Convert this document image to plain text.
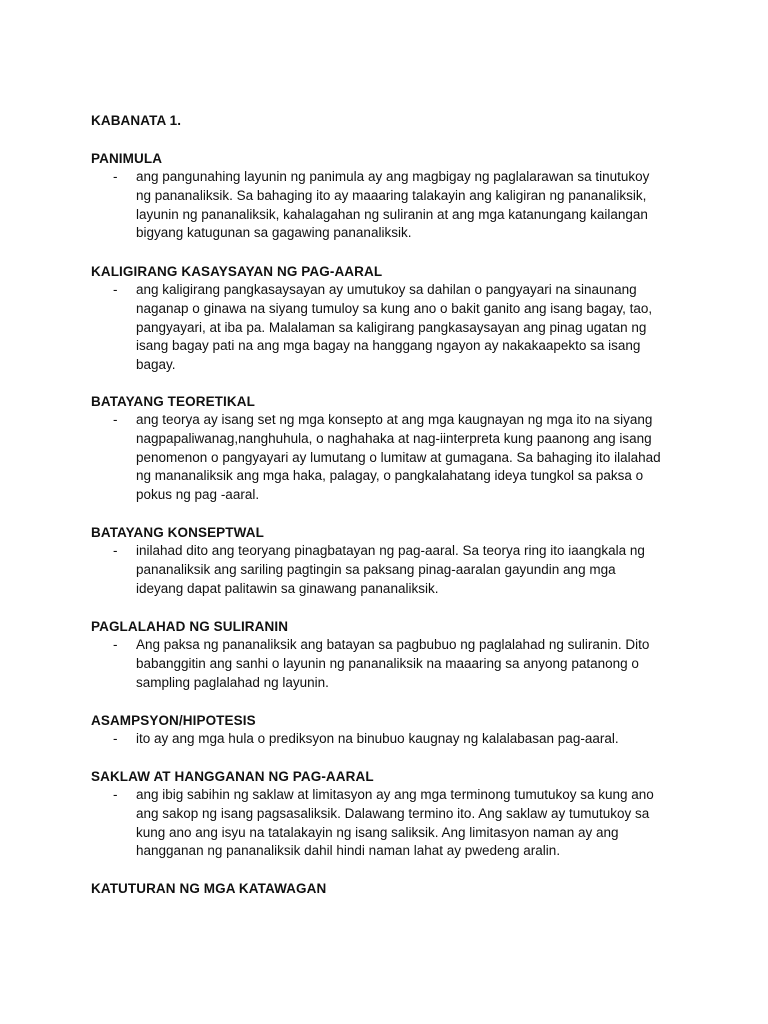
KABANATA 1.
PANIMULA
- ang pangunahing layunin ng panimula ay ang magbigay ng paglalarawan sa tinutukoy ng pananaliksik. Sa bahaging ito ay maaaring talakayin ang kaligiran ng pananaliksik, layunin ng pananaliksik, kahalagahan ng suliranin at ang mga katanungang kailangan bigyang katugunan sa gagawing pananaliksik.
KALIGIRANG KASAYSAYAN NG PAG-AARAL
- ang kaligirang pangkasaysayan ay umutukoy sa dahilan o pangyayari na sinaunang naganap o ginawa na siyang tumuloy sa kung ano o bakit ganito ang isang bagay, tao, pangyayari, at iba pa. Malalaman sa kaligirang pangkasaysayan ang pinag ugatan ng isang bagay pati na ang mga bagay na hanggang ngayon ay nakakaapekto sa isang bagay.
BATAYANG TEORETIKAL
- ang teorya ay isang set ng mga konsepto at ang mga kaugnayan ng mga ito na siyang nagpapaliwanag,nanghuhula, o naghahaka at nag-iinterpreta kung paanong ang isang penomenon o pangyayari ay lumutang o lumitaw at gumagana. Sa bahaging ito ilalahad ng mananaliksik ang mga haka, palagay, o pangkalahatang ideya tungkol sa paksa o pokus ng pag -aaral.
BATAYANG KONSEPTWAL
- inilahad dito ang teoryang pinagbatayan ng pag-aaral. Sa teorya ring ito iaangkala ng pananaliksik ang sariling pagtingin sa paksang pinag-aaralan gayundin ang mga ideyang dapat palitawin sa ginawang pananaliksik.
PAGLALAHAD NG SULIRANIN
- Ang paksa ng pananaliksik ang batayan sa pagbubuo ng paglalahad ng suliranin. Dito babanggitin ang sanhi o layunin ng pananaliksik na maaaring sa anyong patanong o sampling paglalahad ng layunin.
ASAMPSYON/HIPOTESIS
- ito ay ang mga hula o prediksyon na binubuo kaugnay ng kalalabasan pag-aaral.
SAKLAW AT HANGGANAN NG PAG-AARAL
- ang ibig sabihin ng saklaw at limitasyon ay ang mga terminong tumutukoy sa kung ano ang sakop ng isang pagsasaliksik. Dalawang termino ito. Ang saklaw ay tumutukoy sa kung ano ang isyu na tatalakayin ng isang saliksik. Ang limitasyon naman ay ang hangganan ng pananaliksik dahil hindi naman lahat ay pwedeng aralin.
KATUTURAN NG MGA KATAWAGAN
